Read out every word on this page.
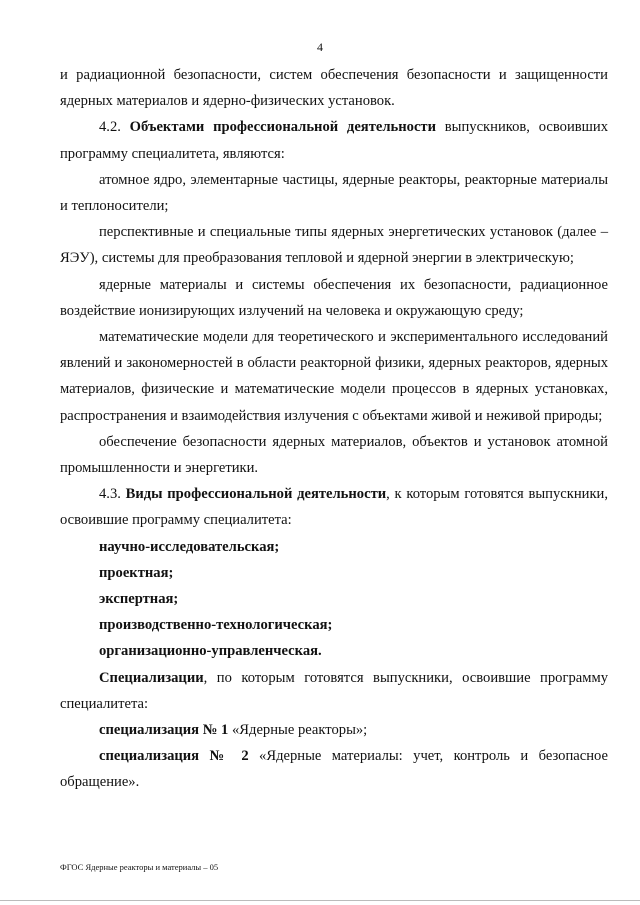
4

и радиационной безопасности, систем обеспечения безопасности и защищенности ядерных материалов и ядерно-физических установок.

4.2. Объектами профессиональной деятельности выпускников, освоивших программу специалитета, являются:

атомное ядро, элементарные частицы, ядерные реакторы, реакторные материалы и теплоносители;

перспективные и специальные типы ядерных энергетических установок (далее – ЯЭУ), системы для преобразования тепловой и ядерной энергии в электрическую;

ядерные материалы и системы обеспечения их безопасности, радиационное воздействие ионизирующих излучений на человека и окружающую среду;

математические модели для теоретического и экспериментального исследований явлений и закономерностей в области реакторной физики, ядерных реакторов, ядерных материалов, физические и математические модели процессов в ядерных установках, распространения и взаимодействия излучения с объектами живой и неживой природы;

обеспечение безопасности ядерных материалов, объектов и установок атомной промышленности и энергетики.

4.3. Виды профессиональной деятельности, к которым готовятся выпускники, освоившие программу специалитета:

научно-исследовательская;

проектная;

экспертная;

производственно-технологическая;

организационно-управленческая.

Специализации, по которым готовятся выпускники, освоившие программу специалитета:

специализация № 1 «Ядерные реакторы»;

специализация № 2 «Ядерные материалы: учет, контроль и безопасное обращение».

ФГОС Ядерные реакторы и материалы – 05
